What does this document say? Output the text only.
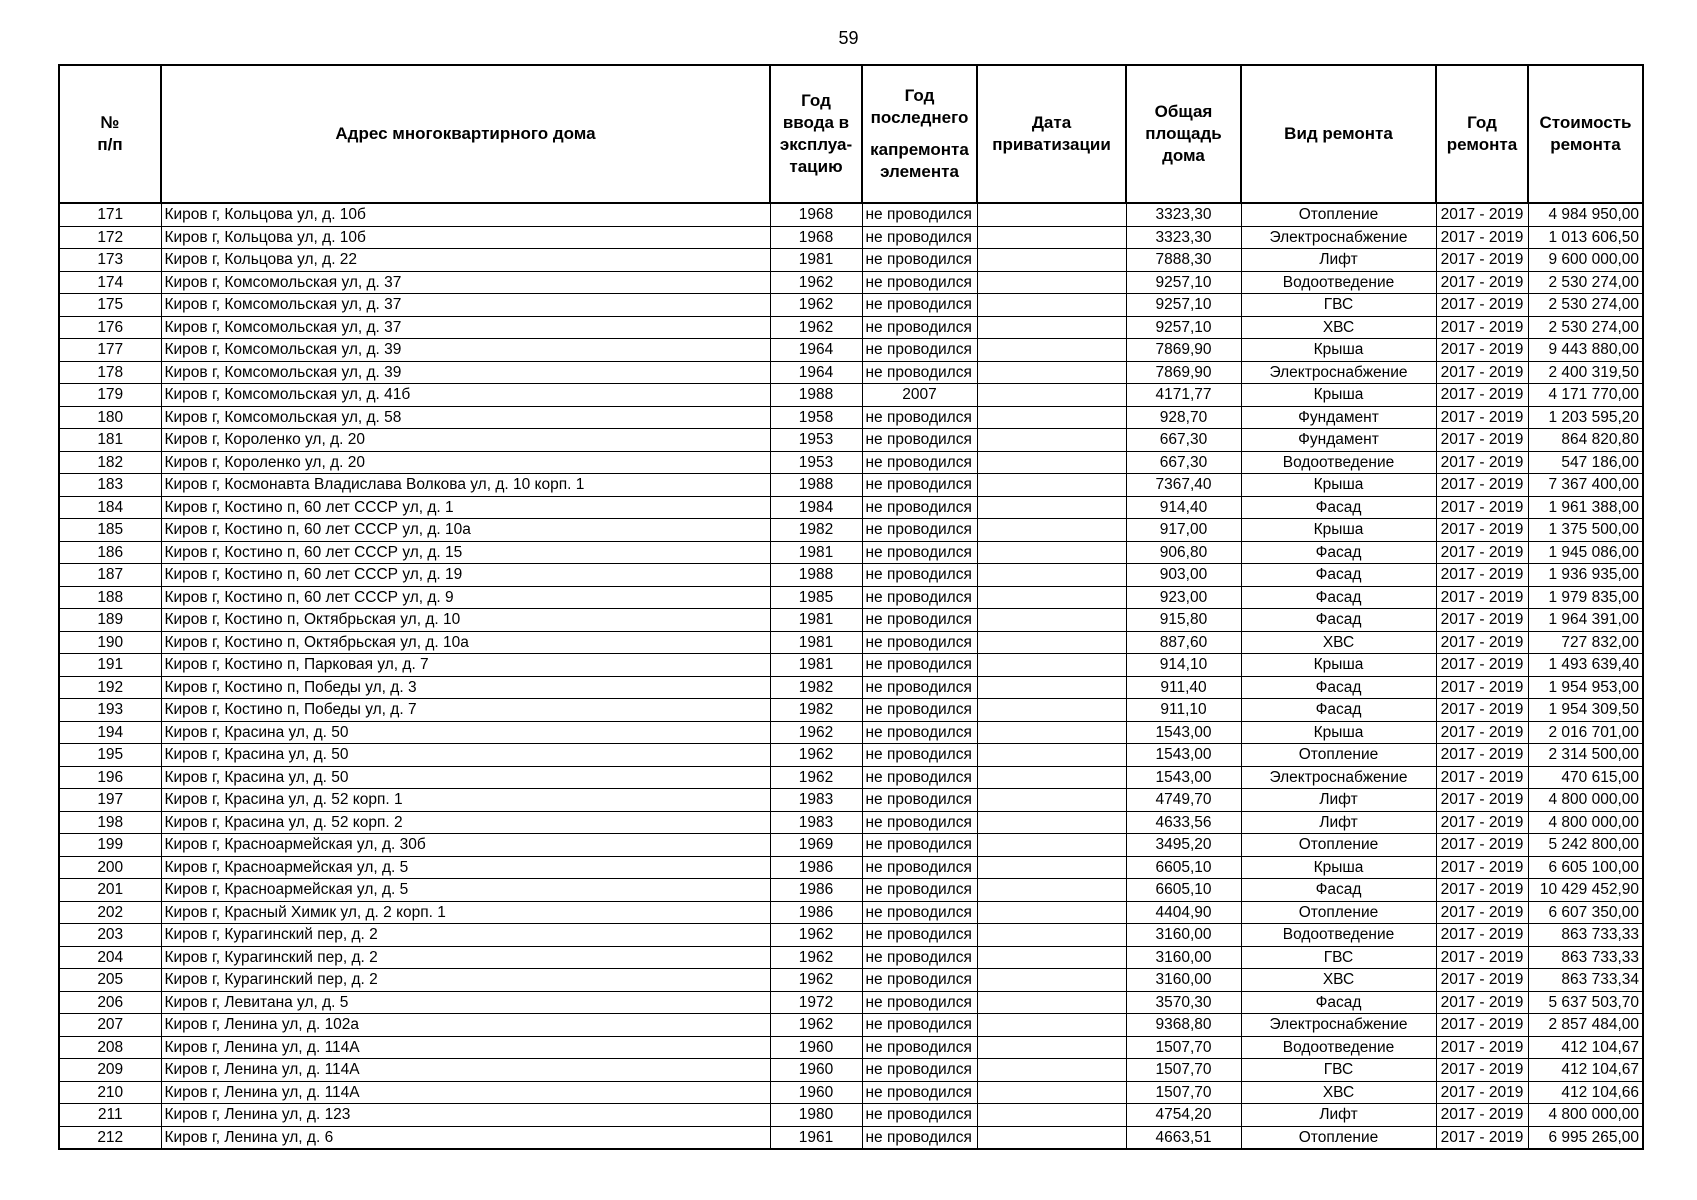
59
№
п/п	Адрес многоквартирного дома	Год
ввода в
эксплуа-
тацию	Год
последнего
капремонта
элемента	Дата
приватизации	Общая
площадь
дома	Вид ремонта	Год
ремонта	Стоимость
ремонта

171	Киров г, Кольцова ул, д. 10б	1968	не проводился		3323,30	Отопление	2017 - 2019	4 984 950,00
172	Киров г, Кольцова ул, д. 10б	1968	не проводился		3323,30	Электроснабжение	2017 - 2019	1 013 606,50
173	Киров г, Кольцова ул, д. 22	1981	не проводился		7888,30	Лифт	2017 - 2019	9 600 000,00
174	Киров г, Комсомольская ул, д. 37	1962	не проводился		9257,10	Водоотведение	2017 - 2019	2 530 274,00
175	Киров г, Комсомольская ул, д. 37	1962	не проводился		9257,10	ГВС	2017 - 2019	2 530 274,00
176	Киров г, Комсомольская ул, д. 37	1962	не проводился		9257,10	ХВС	2017 - 2019	2 530 274,00
177	Киров г, Комсомольская ул, д. 39	1964	не проводился		7869,90	Крыша	2017 - 2019	9 443 880,00
178	Киров г, Комсомольская ул, д. 39	1964	не проводился		7869,90	Электроснабжение	2017 - 2019	2 400 319,50
179	Киров г, Комсомольская ул, д. 41б	1988	2007		4171,77	Крыша	2017 - 2019	4 171 770,00
180	Киров г, Комсомольская ул, д. 58	1958	не проводился		928,70	Фундамент	2017 - 2019	1 203 595,20
181	Киров г, Короленко ул, д. 20	1953	не проводился		667,30	Фундамент	2017 - 2019	864 820,80
182	Киров г, Короленко ул, д. 20	1953	не проводился		667,30	Водоотведение	2017 - 2019	547 186,00
183	Киров г, Космонавта Владислава Волкова ул, д. 10 корп. 1	1988	не проводился		7367,40	Крыша	2017 - 2019	7 367 400,00
184	Киров г, Костино п, 60 лет СССР ул, д. 1	1984	не проводился		914,40	Фасад	2017 - 2019	1 961 388,00
185	Киров г, Костино п, 60 лет СССР ул, д. 10а	1982	не проводился		917,00	Крыша	2017 - 2019	1 375 500,00
186	Киров г, Костино п, 60 лет СССР ул, д. 15	1981	не проводился		906,80	Фасад	2017 - 2019	1 945 086,00
187	Киров г, Костино п, 60 лет СССР ул, д. 19	1988	не проводился		903,00	Фасад	2017 - 2019	1 936 935,00
188	Киров г, Костино п, 60 лет СССР ул, д. 9	1985	не проводился		923,00	Фасад	2017 - 2019	1 979 835,00
189	Киров г, Костино п, Октябрьская ул, д. 10	1981	не проводился		915,80	Фасад	2017 - 2019	1 964 391,00
190	Киров г, Костино п, Октябрьская ул, д. 10а	1981	не проводился		887,60	ХВС	2017 - 2019	727 832,00
191	Киров г, Костино п, Парковая ул, д. 7	1981	не проводился		914,10	Крыша	2017 - 2019	1 493 639,40
192	Киров г, Костино п, Победы ул, д. 3	1982	не проводился		911,40	Фасад	2017 - 2019	1 954 953,00
193	Киров г, Костино п, Победы ул, д. 7	1982	не проводился		911,10	Фасад	2017 - 2019	1 954 309,50
194	Киров г, Красина ул, д. 50	1962	не проводился		1543,00	Крыша	2017 - 2019	2 016 701,00
195	Киров г, Красина ул, д. 50	1962	не проводился		1543,00	Отопление	2017 - 2019	2 314 500,00
196	Киров г, Красина ул, д. 50	1962	не проводился		1543,00	Электроснабжение	2017 - 2019	470 615,00
197	Киров г, Красина ул, д. 52 корп. 1	1983	не проводился		4749,70	Лифт	2017 - 2019	4 800 000,00
198	Киров г, Красина ул, д. 52 корп. 2	1983	не проводился		4633,56	Лифт	2017 - 2019	4 800 000,00
199	Киров г, Красноармейская ул, д. 30б	1969	не проводился		3495,20	Отопление	2017 - 2019	5 242 800,00
200	Киров г, Красноармейская ул, д. 5	1986	не проводился		6605,10	Крыша	2017 - 2019	6 605 100,00
201	Киров г, Красноармейская ул, д. 5	1986	не проводился		6605,10	Фасад	2017 - 2019	10 429 452,90
202	Киров г, Красный Химик ул, д. 2 корп. 1	1986	не проводился		4404,90	Отопление	2017 - 2019	6 607 350,00
203	Киров г, Курагинский пер, д. 2	1962	не проводился		3160,00	Водоотведение	2017 - 2019	863 733,33
204	Киров г, Курагинский пер, д. 2	1962	не проводился		3160,00	ГВС	2017 - 2019	863 733,33
205	Киров г, Курагинский пер, д. 2	1962	не проводился		3160,00	ХВС	2017 - 2019	863 733,34
206	Киров г, Левитана ул, д. 5	1972	не проводился		3570,30	Фасад	2017 - 2019	5 637 503,70
207	Киров г, Ленина ул, д. 102а	1962	не проводился		9368,80	Электроснабжение	2017 - 2019	2 857 484,00
208	Киров г, Ленина ул, д. 114А	1960	не проводился		1507,70	Водоотведение	2017 - 2019	412 104,67
209	Киров г, Ленина ул, д. 114А	1960	не проводился		1507,70	ГВС	2017 - 2019	412 104,67
210	Киров г, Ленина ул, д. 114А	1960	не проводился		1507,70	ХВС	2017 - 2019	412 104,66
211	Киров г, Ленина ул, д. 123	1980	не проводился		4754,20	Лифт	2017 - 2019	4 800 000,00
212	Киров г, Ленина ул, д. 6	1961	не проводился		4663,51	Отопление	2017 - 2019	6 995 265,00
